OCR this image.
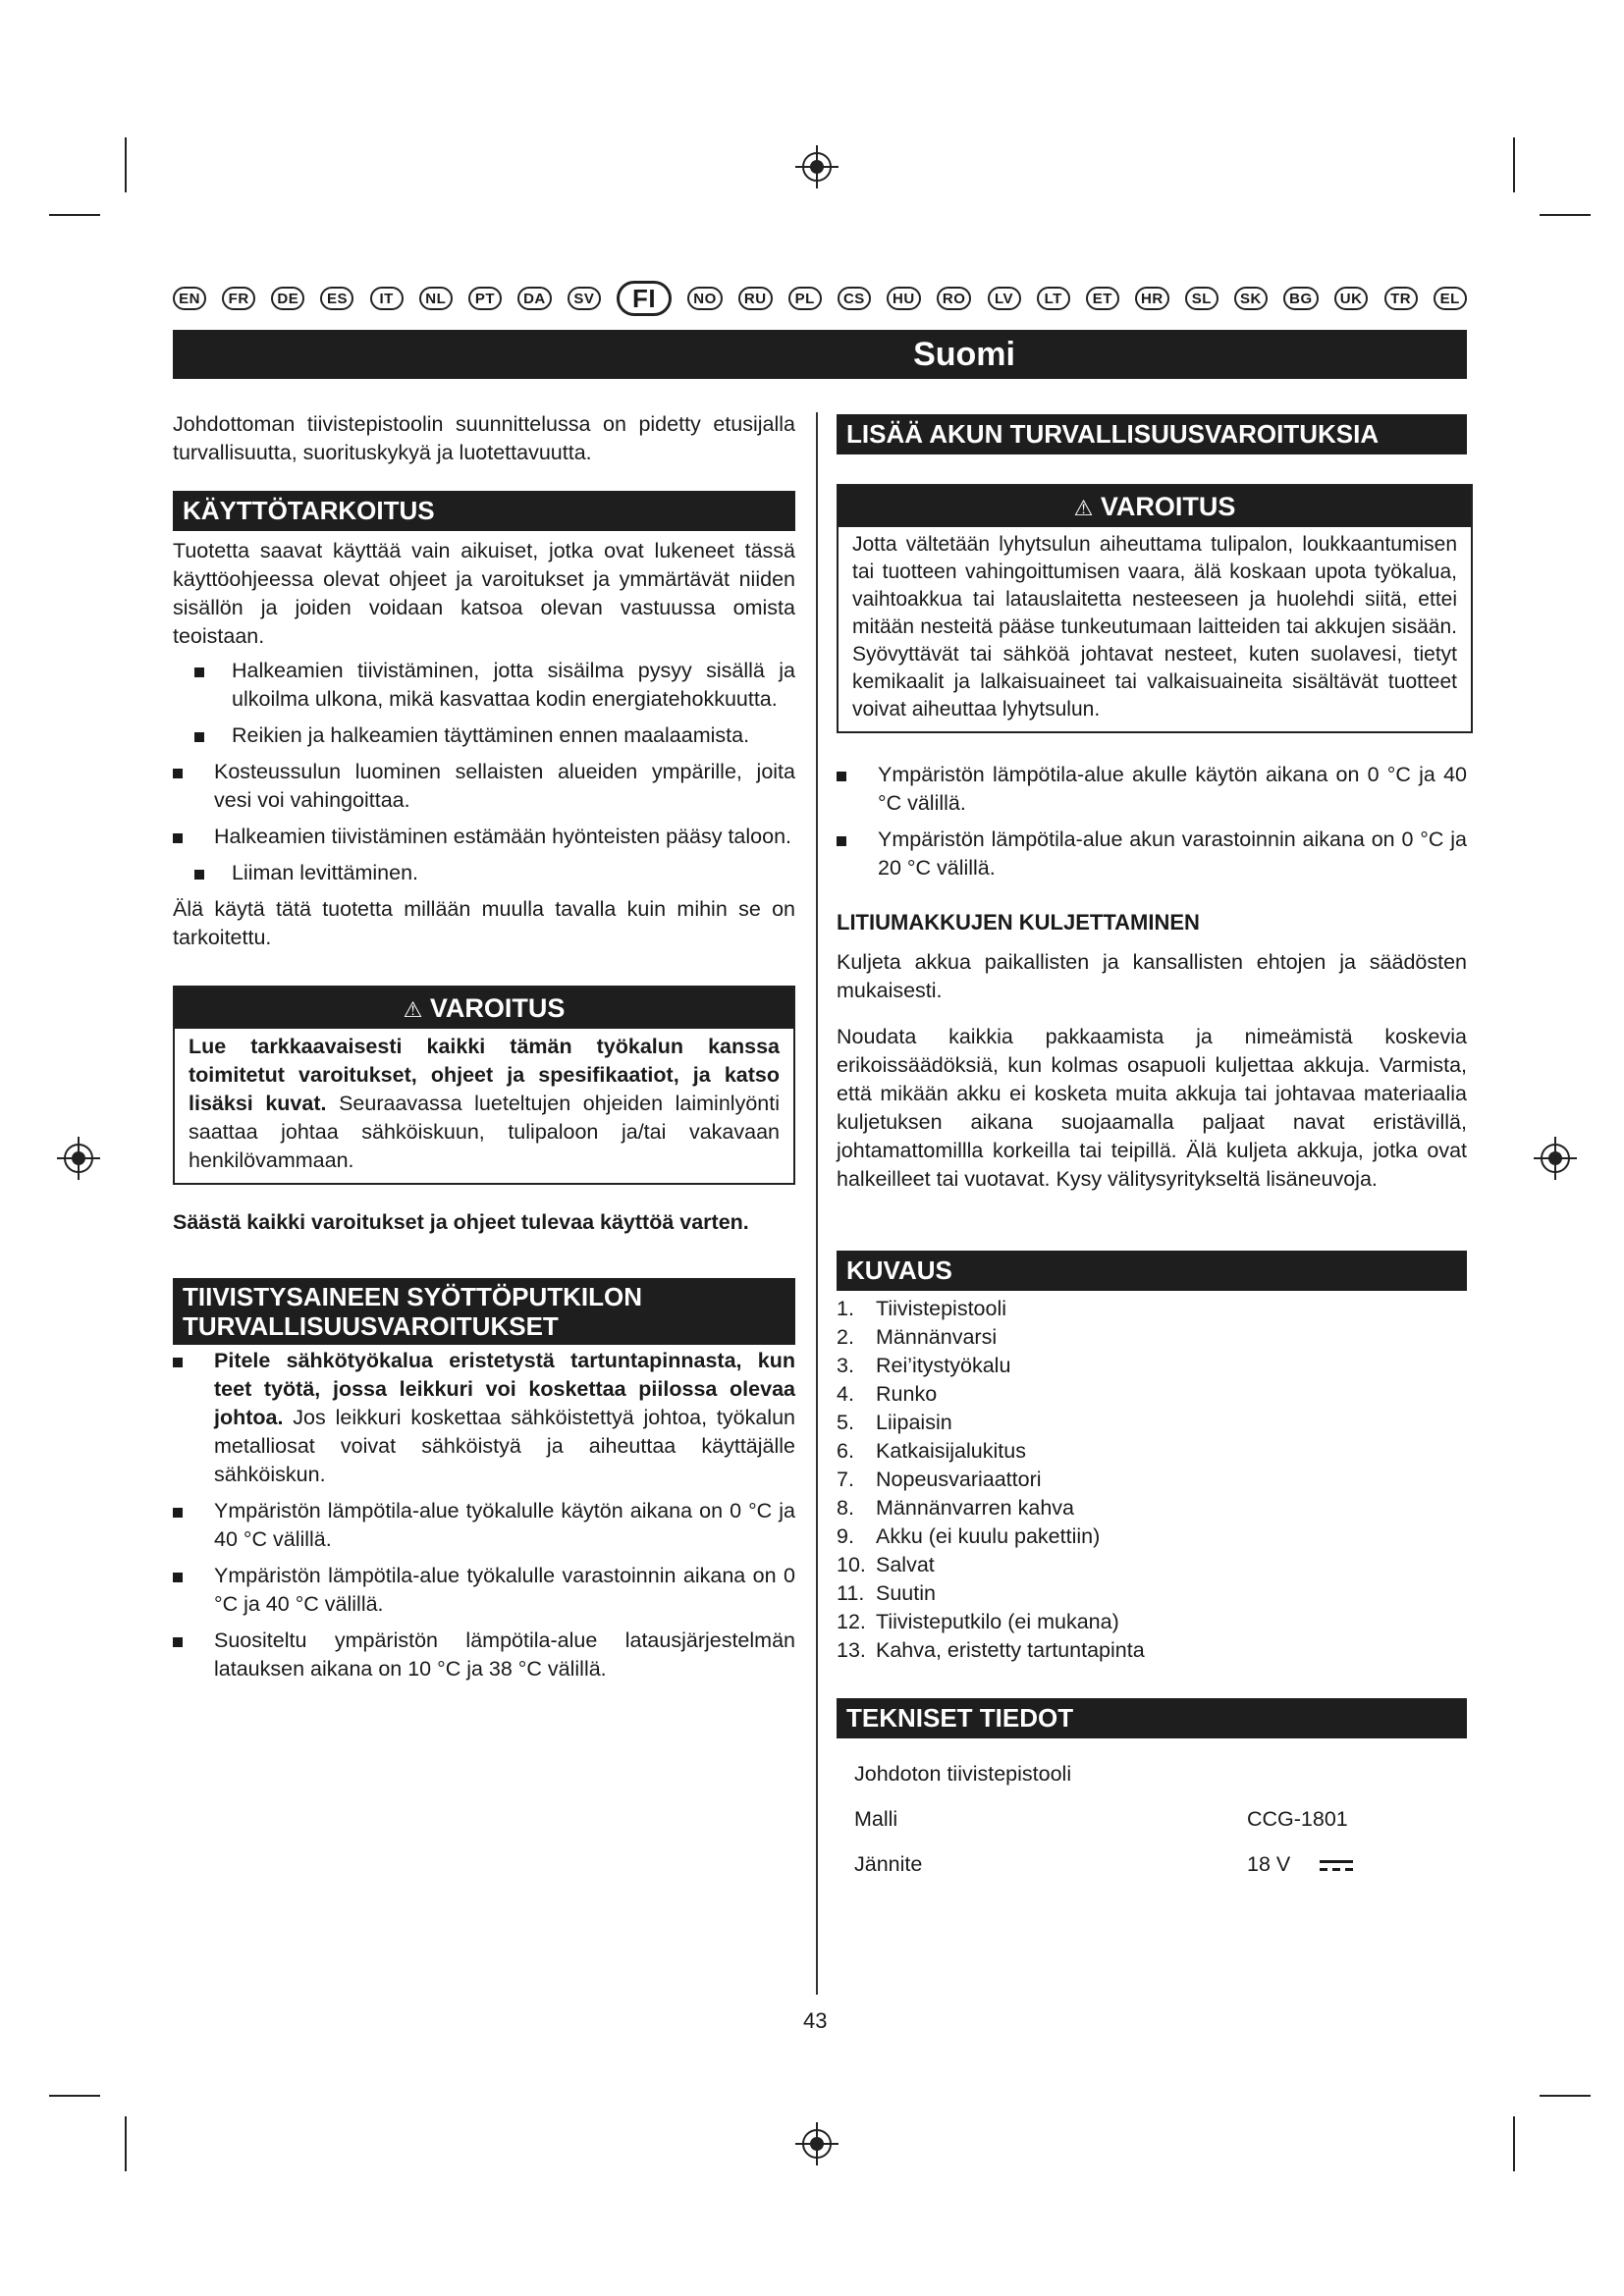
EN	FR	DE	ES	IT	NL	PT	DA	SV	FI	NO	RU	PL	CS	HU	RO	LV	LT	ET	HR	SL	SK	BG	UK	TR	EL
Suomi

Johdottoman tiivistepistoolin suunnittelussa on pidetty etusijalla turvallisuutta, suorituskykyä ja luotettavuutta.

KÄYTTÖTARKOITUS

Tuotetta saavat käyttää vain aikuiset, jotka ovat lukeneet tässä käyttöohjeessa olevat ohjeet ja varoitukset ja ymmärtävät niiden sisällön ja joiden voidaan katsoa olevan vastuussa omista teoistaan.

Halkeamien tiivistäminen, jotta sisäilma pysyy sisällä ja ulkoilma ulkona, mikä kasvattaa kodin energiatehokkuutta.

Reikien ja halkeamien täyttäminen ennen maalaamista.

Kosteussulun luominen sellaisten alueiden ympärille, joita vesi voi vahingoittaa.

Halkeamien tiivistäminen estämään hyönteisten pääsy taloon.

Liiman levittäminen.

Älä käytä tätä tuotetta millään muulla tavalla kuin mihin se on tarkoitettu.

⚠ VAROITUS
Lue tarkkaavaisesti kaikki tämän työkalun kanssa toimitetut varoitukset, ohjeet ja spesifikaatiot, ja katso lisäksi kuvat. Seuraavassa lueteltujen ohjeiden laiminlyönti saattaa johtaa sähköiskuun, tulipaloon ja/tai vakavaan henkilövammaan.

Säästä kaikki varoitukset ja ohjeet tulevaa käyttöä varten.

TIIVISTYSAINEEN SYÖTTÖPUTKILON
TURVALLISUUSVAROITUKSET

Pitele sähkötyökalua eristetystä tartuntapinnasta, kun teet työtä, jossa leikkuri voi koskettaa piilossa olevaa johtoa. Jos leikkuri koskettaa sähköistettyä johtoa, työkalun metalliosat voivat sähköistyä ja aiheuttaa käyttäjälle sähköiskun.

Ympäristön lämpötila-alue työkalulle käytön aikana on 0 °C ja 40 °C välillä.

Ympäristön lämpötila-alue työkalulle varastoinnin aikana on 0 °C ja 40 °C välillä.

Suositeltu ympäristön lämpötila-alue latausjärjestelmän latauksen aikana on 10 °C ja 38 °C välillä.

LISÄÄ AKUN TURVALLISUUSVAROITUKSIA
⚠ VAROITUS
Jotta vältetään lyhytsulun aiheuttama tulipalon, loukkaantumisen tai tuotteen vahingoittumisen vaara, älä koskaan upota työkalua, vaihtoakkua tai latauslaitetta nesteeseen ja huolehdi siitä, ettei mitään nesteitä pääse tunkeutumaan laitteiden tai akkujen sisään. Syövyttävät tai sähköä johtavat nesteet, kuten suolavesi, tietyt kemikaalit ja lalkaisuaineet tai valkaisuaineita sisältävät tuotteet voivat aiheuttaa lyhytsulun.

Ympäristön lämpötila-alue akulle käytön aikana on 0 °C ja 40 °C välillä.

Ympäristön lämpötila-alue akun varastoinnin aikana on 0 °C ja 20 °C välillä.

LITIUMAKKUJEN KULJETTAMINEN

Kuljeta akkua paikallisten ja kansallisten ehtojen ja säädösten mukaisesti.

Noudata kaikkia pakkaamista ja nimeämistä koskevia erikoissäädöksiä, kun kolmas osapuoli kuljettaa akkuja. Varmista, että mikään akku ei kosketa muita akkuja tai johtavaa materiaalia kuljetuksen aikana suojaamalla paljaat navat eristävillä, johtamattomillla korkeilla tai teipillä. Älä kuljeta akkuja, jotka ovat halkeilleet tai vuotavat. Kysy välitysyritykseltä lisäneuvoja.

KUVAUS
1.	Tiivistepistooli
2.	Männänvarsi
3.	Rei’itystyökalu
4.	Runko
5.	Liipaisin
6.	Katkaisijalukitus
7.	Nopeusvariaattori
8.	Männänvarren kahva
9.	Akku (ei kuulu pakettiin)
10. Salvat
11. Suutin
12. Tiivisteputkilo (ei mukana)
13. Kahva, eristetty tartuntapinta
TEKNISET TIEDOT

Johdoton tiivistepistooli

Malli	CCG-1801
Jännite	18 V
43
